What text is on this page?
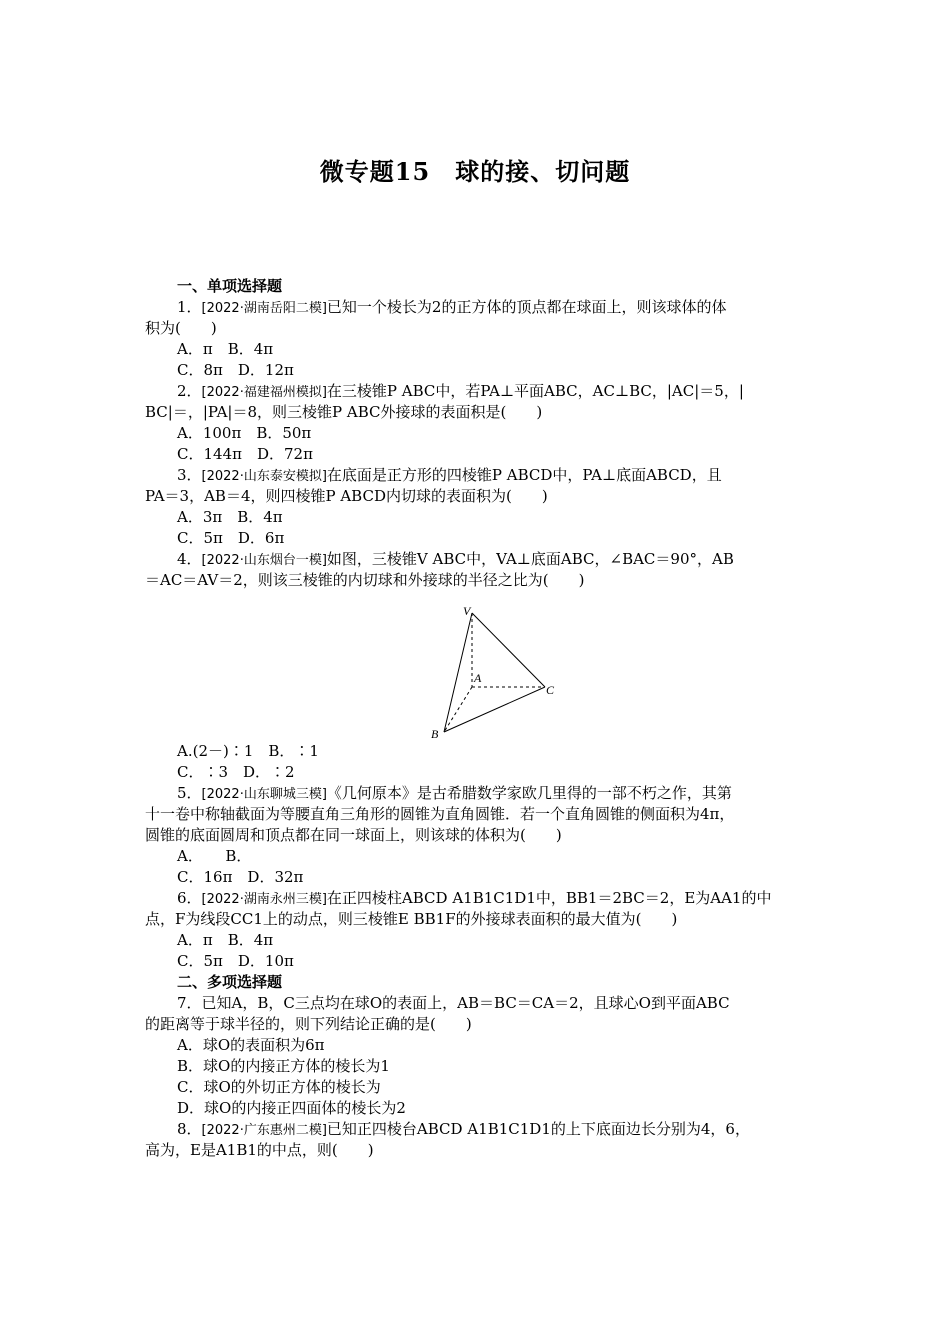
微专题15　球的接、切问题
一、单项选择题
1．[2022·湖南岳阳二模]已知一个棱长为2的正方体的顶点都在球面上，则该球体的体
积为(　　)
A．π　B．4π
C．8π　D．12π
2．[2022·福建福州模拟]在三棱锥P ABC中，若PA⊥平面ABC，AC⊥BC，|AC|＝5，|
BC|＝，|PA|＝8，则三棱锥P ABC外接球的表面积是(　　)
A．100π　B．50π
C．144π　D．72π
3．[2022·山东泰安模拟]在底面是正方形的四棱锥P ABCD中，PA⊥底面ABCD，且
PA＝3，AB＝4，则四棱锥P ABCD内切球的表面积为(　　)
A．3π　B．4π
C．5π　D．6π
4．[2022·山东烟台一模]如图，三棱锥V ABC中，VA⊥底面ABC，∠BAC＝90°，AB
＝AC＝AV＝2，则该三棱锥的内切球和外接球的半径之比为(　　)
V
A
B
C
A.(2－)∶1　B．∶1
C．∶3　D．∶2
5．[2022·山东聊城三模]《几何原本》是古希腊数学家欧几里得的一部不朽之作，其第
十一卷中称轴截面为等腰直角三角形的圆锥为直角圆锥．若一个直角圆锥的侧面积为4π，
圆锥的底面圆周和顶点都在同一球面上，则该球的体积为(　　)
A．　　B．
C．16π　D．32π
6．[2022·湖南永州三模]在正四棱柱ABCD A1B1C1D1中，BB1＝2BC＝2，E为AA1的中
点，F为线段CC1上的动点，则三棱锥E BB1F的外接球表面积的最大值为(　　)
A．π　B．4π
C．5π　D．10π
二、多项选择题
7．已知A，B，C三点均在球O的表面上，AB＝BC＝CA＝2，且球心O到平面ABC
的距离等于球半径的，则下列结论正确的是(　　)
A．球O的表面积为6π
B．球O的内接正方体的棱长为1
C．球O的外切正方体的棱长为
D．球O的内接正四面体的棱长为2
8．[2022·广东惠州二模]已知正四棱台ABCD A1B1C1D1的上下底面边长分别为4，6，
高为，E是A1B1的中点，则(　　)
